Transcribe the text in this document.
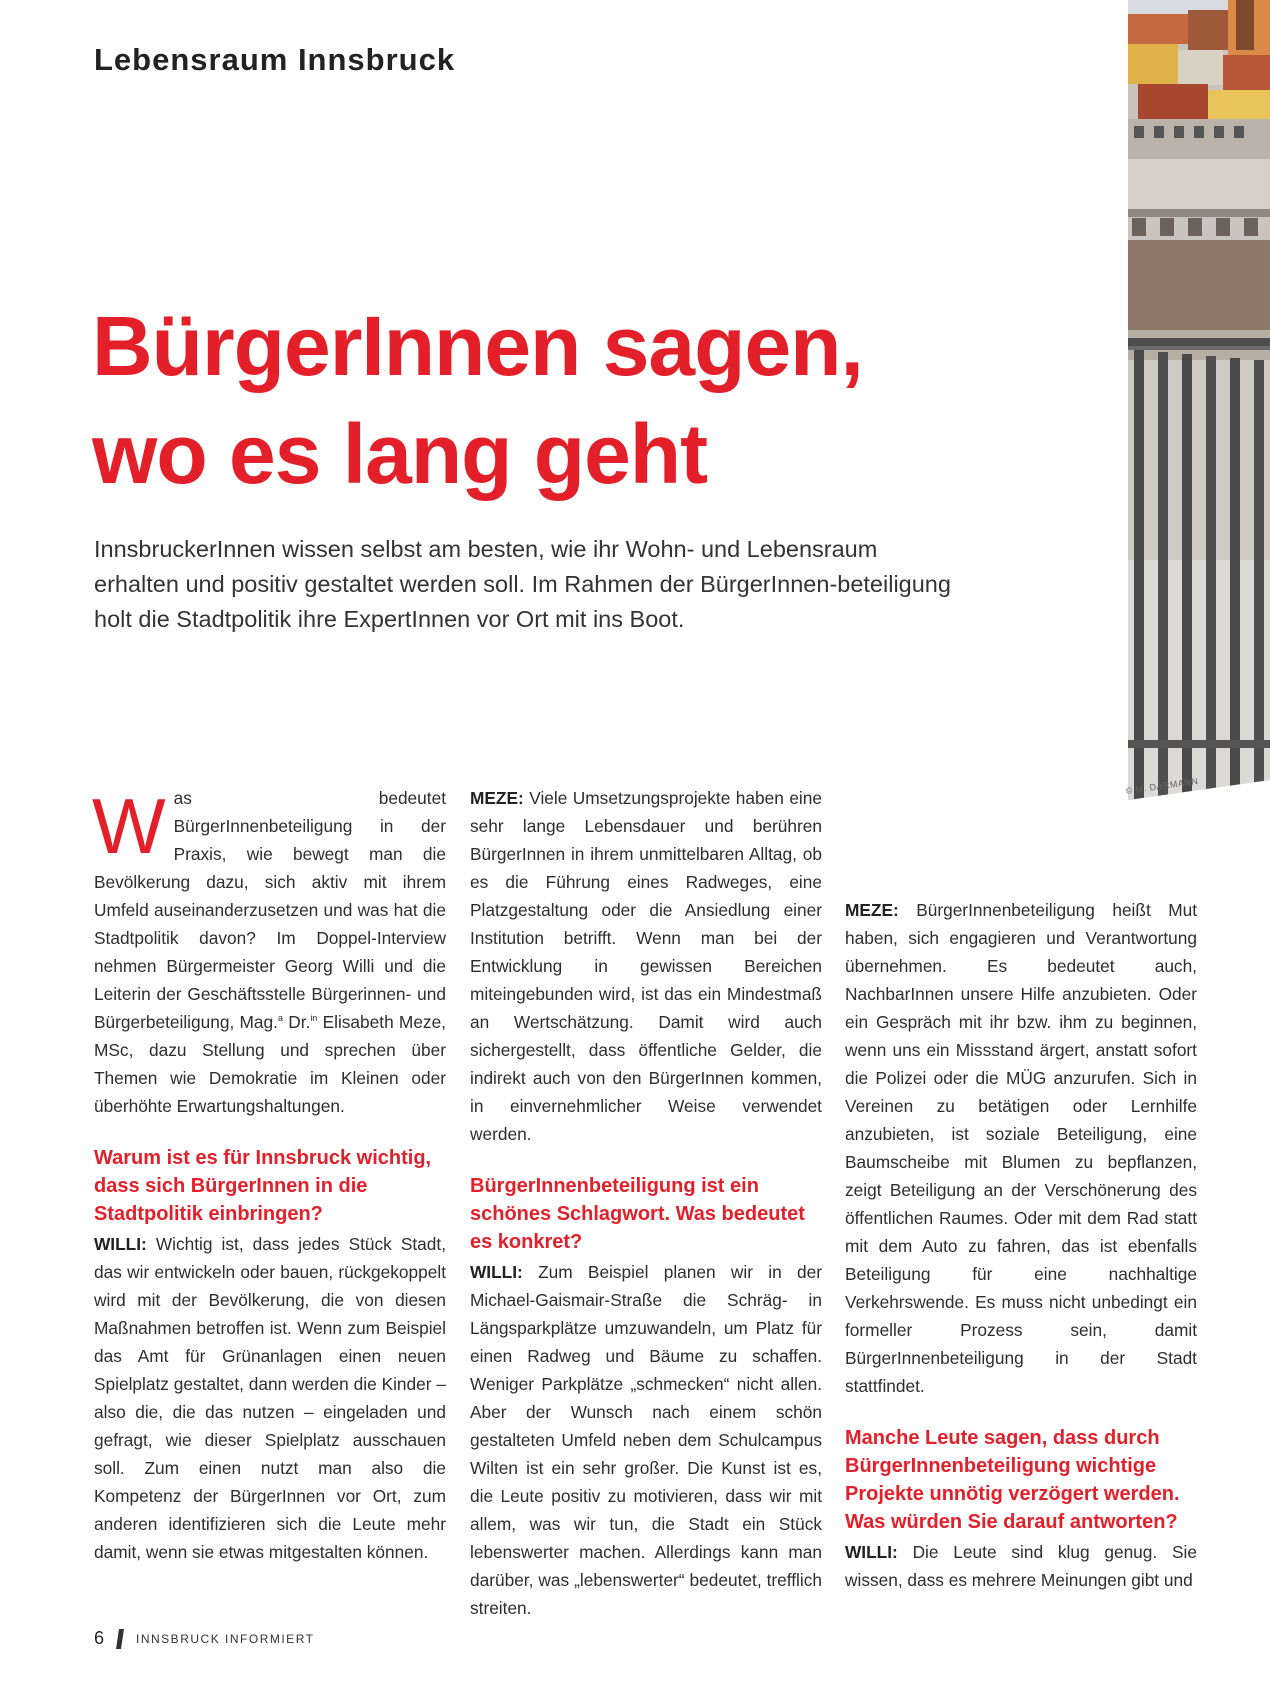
Lebensraum Innsbruck
BürgerInnen sagen,
wo es lang geht
InnsbruckerInnen wissen selbst am besten, wie ihr Wohn- und Lebensraum erhalten und positiv gestaltet werden soll. Im Rahmen der BürgerInnen-beteiligung holt die Stadtpolitik ihre ExpertInnen vor Ort mit ins Boot.
© M. DARMANN

Was bedeutet BürgerInnenbeteiligung in der Praxis, wie bewegt man die Bevölkerung dazu, sich aktiv mit ihrem Umfeld auseinanderzusetzen und was hat die Stadtpolitik davon? Im Doppel-Interview nehmen Bürgermeister Georg Willi und die Leiterin der Geschäftsstelle Bürgerinnen- und Bürgerbeteiligung, Mag.$^a$ Dr.$^{in}$ Elisabeth Meze, MSc, dazu Stellung und sprechen über Themen wie Demokratie im Kleinen oder überhöhte Erwartungshaltungen.

Warum ist es für Innsbruck wichtig, dass sich BürgerInnen in die Stadtpolitik einbringen?

WILLI: Wichtig ist, dass jedes Stück Stadt, das wir entwickeln oder bauen, rückgekoppelt wird mit der Bevölkerung, die von diesen Maßnahmen betroffen ist. Wenn zum Beispiel das Amt für Grünanlagen einen neuen Spielplatz gestaltet, dann werden die Kinder – also die, die das nutzen – eingeladen und gefragt, wie dieser Spielplatz ausschauen soll. Zum einen nutzt man also die Kompetenz der BürgerInnen vor Ort, zum anderen identifizieren sich die Leute mehr damit, wenn sie etwas mitgestalten können.

MEZE: Viele Umsetzungsprojekte haben eine sehr lange Lebensdauer und berühren BürgerInnen in ihrem unmittelbaren Alltag, ob es die Führung eines Radweges, eine Platzgestaltung oder die Ansiedlung einer Institution betrifft. Wenn man bei der Entwicklung in gewissen Bereichen miteingebunden wird, ist das ein Mindestmaß an Wertschätzung. Damit wird auch sichergestellt, dass öffentliche Gelder, die indirekt auch von den BürgerInnen kommen, in einvernehmlicher Weise verwendet werden.

BürgerInnenbeteiligung ist ein schönes Schlagwort. Was bedeutet es konkret?

WILLI: Zum Beispiel planen wir in der Michael-Gaismair-Straße die Schräg- in Längsparkplätze umzuwandeln, um Platz für einen Radweg und Bäume zu schaffen. Weniger Parkplätze „schmecken“ nicht allen. Aber der Wunsch nach einem schön gestalteten Umfeld neben dem Schulcampus Wilten ist ein sehr großer. Die Kunst ist es, die Leute positiv zu motivieren, dass wir mit allem, was wir tun, die Stadt ein Stück lebenswerter machen. Allerdings kann man darüber, was „lebenswerter“ bedeutet, trefflich streiten.

MEZE: BürgerInnenbeteiligung heißt Mut haben, sich engagieren und Verantwortung übernehmen. Es bedeutet auch, NachbarInnen unsere Hilfe anzubieten. Oder ein Gespräch mit ihr bzw. ihm zu beginnen, wenn uns ein Missstand ärgert, anstatt sofort die Polizei oder die MÜG anzurufen. Sich in Vereinen zu betätigen oder Lernhilfe anzubieten, ist soziale Beteiligung, eine Baumscheibe mit Blumen zu bepflanzen, zeigt Beteiligung an der Verschönerung des öffentlichen Raumes. Oder mit dem Rad statt mit dem Auto zu fahren, das ist ebenfalls Beteiligung für eine nachhaltige Verkehrswende. Es muss nicht unbedingt ein formeller Prozess sein, damit BürgerInnenbeteiligung in der Stadt stattfindet.

Manche Leute sagen, dass durch BürgerInnenbeteiligung wichtige Projekte unnötig verzögert werden. Was würden Sie darauf antworten?

WILLI: Die Leute sind klug genug. Sie wissen, dass es mehrere Meinungen gibt und

6	INNSBRUCK INFORMIERT
